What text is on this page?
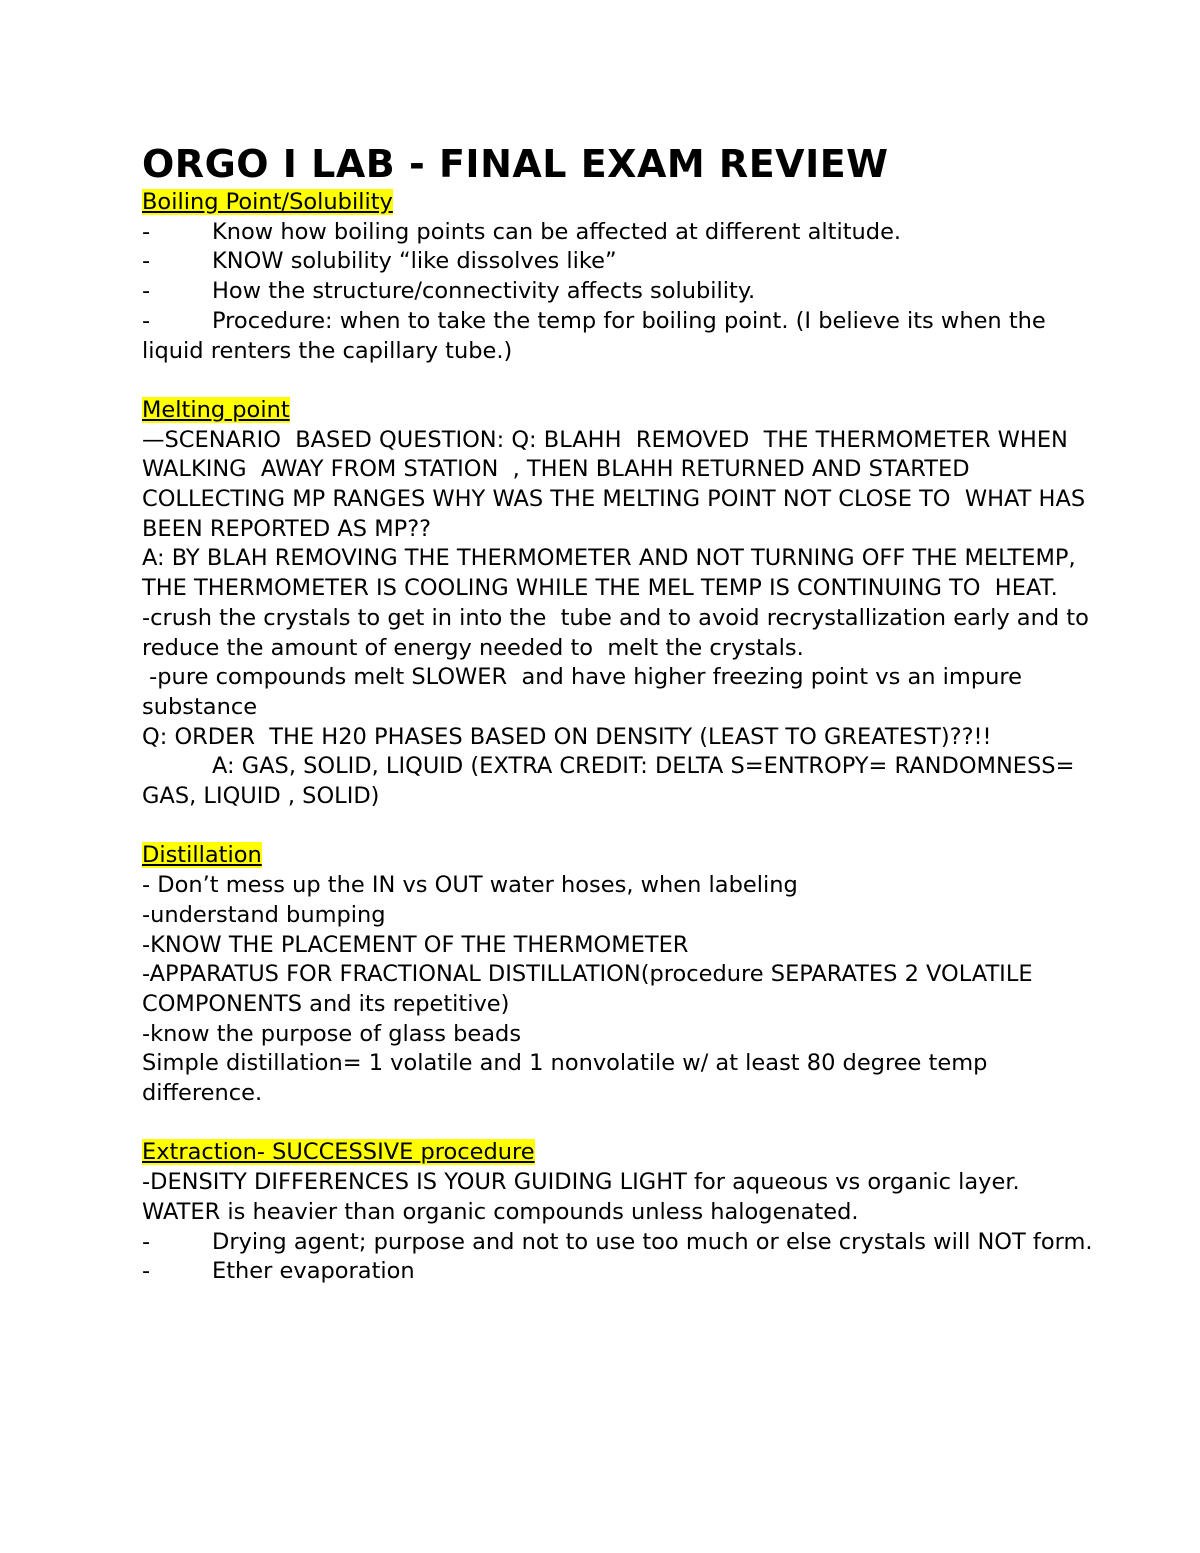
ORGO I LAB - FINAL EXAM REVIEW

Boiling Point/Solubility

-	Know how boiling points can be affected at different altitude.
-	KNOW solubility “like dissolves like”
-	How the structure/connectivity affects solubility.

-	Procedure: when to take the temp for boiling point. (I believe its when the liquid renters the capillary tube.)

Melting point

—SCENARIO  BASED QUESTION: Q: BLAHH  REMOVED  THE THERMOMETER WHEN WALKING  AWAY FROM STATION  , THEN BLAHH RETURNED AND STARTED COLLECTING MP RANGES WHY WAS THE MELTING POINT NOT CLOSE TO  WHAT HAS BEEN REPORTED AS MP??

A: BY BLAH REMOVING THE THERMOMETER AND NOT TURNING OFF THE MELTEMP,  THE THERMOMETER IS COOLING WHILE THE MEL TEMP IS CONTINUING TO  HEAT.

-crush the crystals to get in into the  tube and to avoid recrystallization early and to  reduce the amount of energy needed to  melt the crystals.

-pure compounds melt SLOWER  and have higher freezing point vs an impure substance

Q: ORDER  THE H20 PHASES BASED ON DENSITY (LEAST TO GREATEST)??!!

A: GAS, SOLID, LIQUID (EXTRA CREDIT: DELTA S=ENTROPY= RANDOMNESS= GAS, LIQUID , SOLID)

Distillation

- Don’t mess up the IN vs OUT water hoses, when labeling

-understand bumping

-KNOW THE PLACEMENT OF THE THERMOMETER

-APPARATUS FOR FRACTIONAL DISTILLATION(procedure SEPARATES 2 VOLATILE COMPONENTS and its repetitive)

-know the purpose of glass beads

Simple distillation= 1 volatile and 1 nonvolatile w/ at least 80 degree temp difference.

Extraction- SUCCESSIVE procedure

-DENSITY DIFFERENCES IS YOUR GUIDING LIGHT for aqueous vs organic layer. WATER is heavier than organic compounds unless halogenated.

-	Drying agent; purpose and not to use too much or else crystals will NOT form.

-	Ether evaporation
